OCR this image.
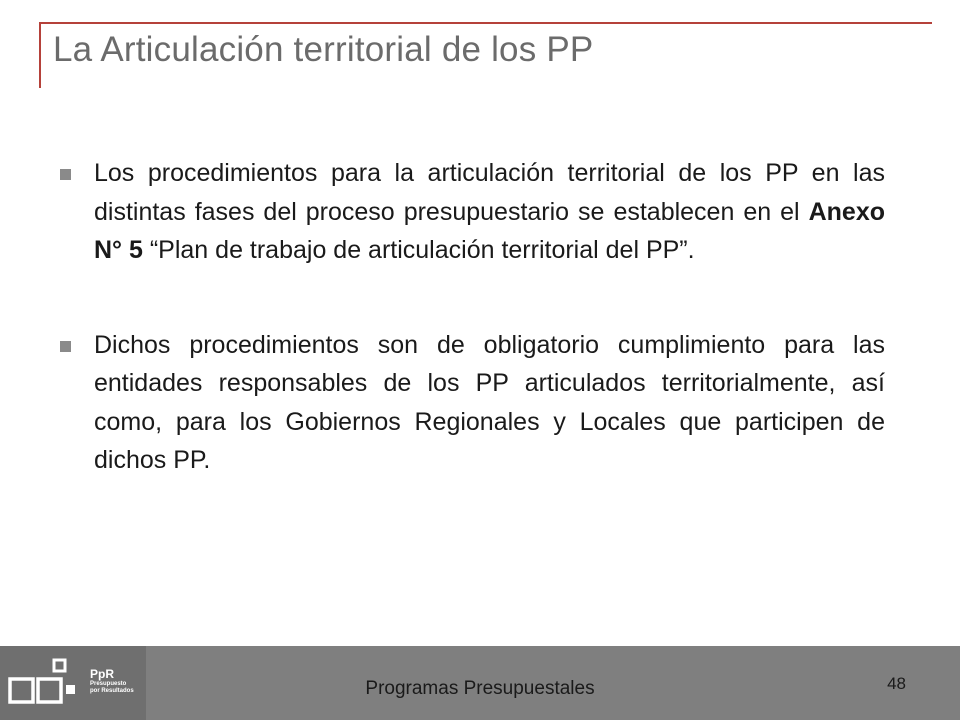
La Articulación territorial de los PP
Los procedimientos para la articulación territorial de los PP en las distintas fases del proceso presupuestario se establecen en el Anexo N° 5 “Plan de trabajo de articulación territorial del PP”.
Dichos procedimientos son de obligatorio cumplimiento para las entidades responsables de los PP articulados territorialmente, así como, para los Gobiernos Regionales y Locales que participen de dichos PP.
PpR
Presupuesto
por Resultados	Programas Presupuestales	48
